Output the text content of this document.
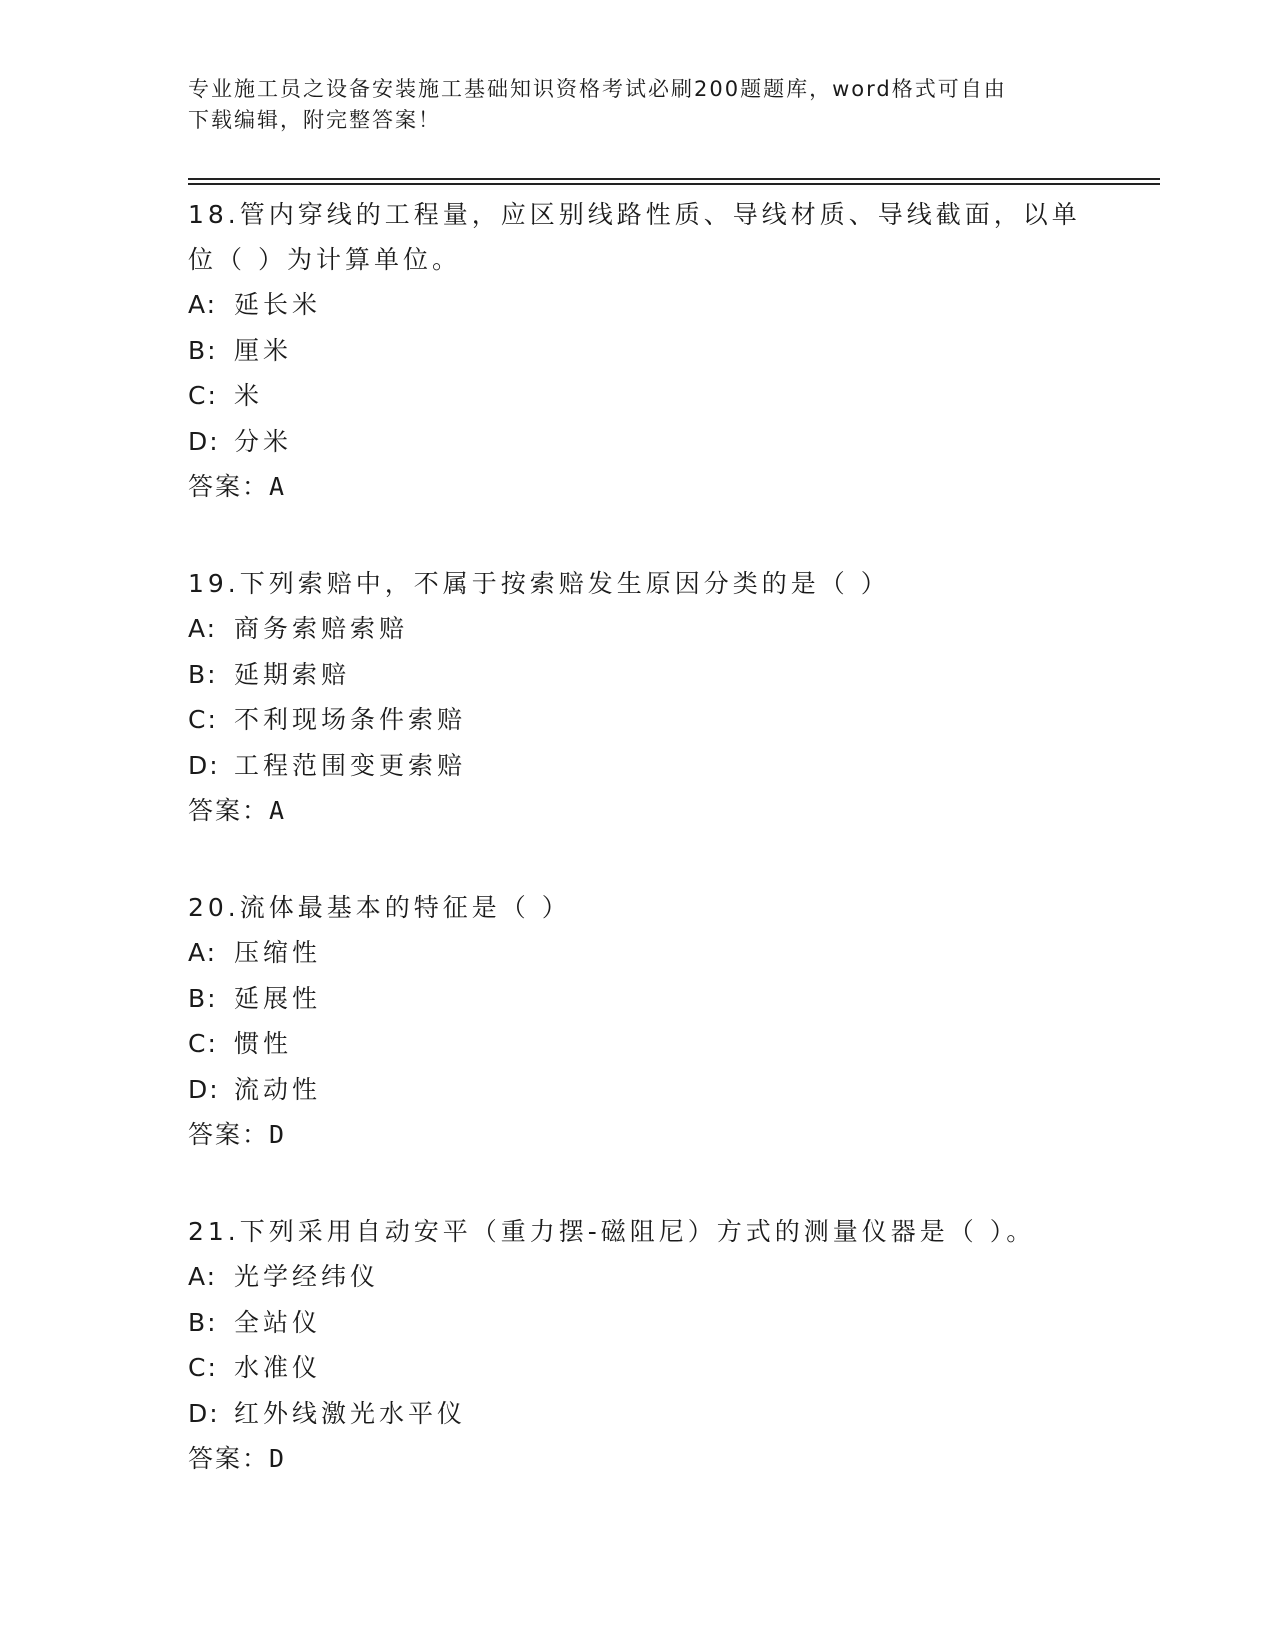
专业施工员之设备安装施工基础知识资格考试必刷200题题库，word格式可自由
下载编辑，附完整答案！
18.管内穿线的工程量，应区别线路性质、导线材质、导线截面，以单
位（ ）为计算单位。
A: 延长米
B: 厘米
C: 米
D: 分米
答案：A
19.下列索赔中，不属于按索赔发生原因分类的是（ ）
A: 商务索赔索赔
B: 延期索赔
C: 不利现场条件索赔
D: 工程范围变更索赔
答案：A
20.流体最基本的特征是（ ）
A: 压缩性
B: 延展性
C: 惯性
D: 流动性
答案：D
21.下列采用自动安平（重力摆-磁阻尼）方式的测量仪器是（ ）。
A: 光学经纬仪
B: 全站仪
C: 水准仪
D: 红外线激光水平仪
答案：D
